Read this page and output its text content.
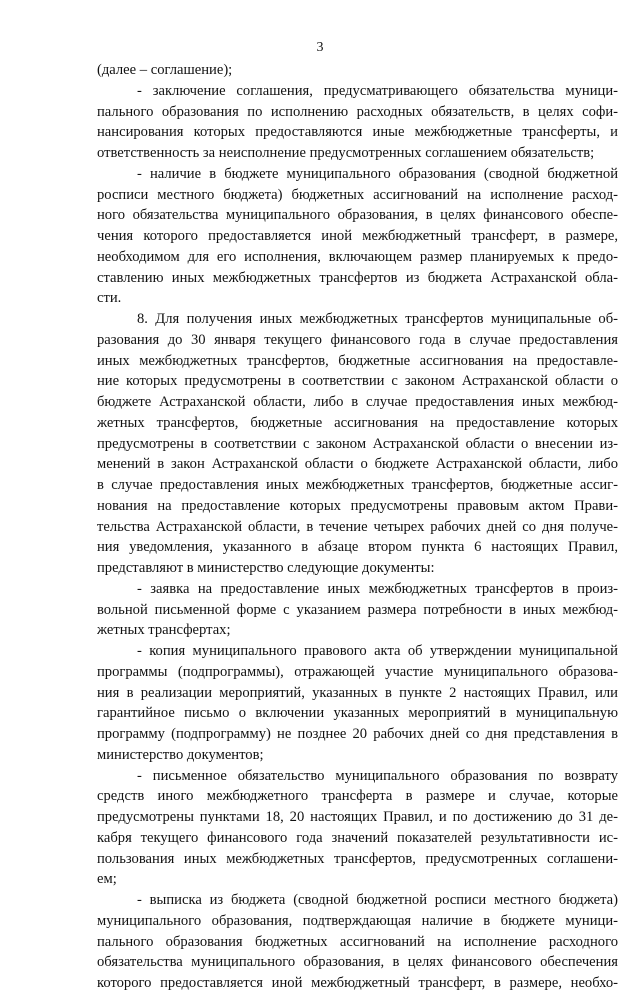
3
(далее – соглашение);
- заключение соглашения, предусматривающего обязательства муници-
пального образования по исполнению расходных обязательств, в целях софи-
нансирования которых предоставляются иные межбюджетные трансферты, и
ответственность за неисполнение предусмотренных соглашением обязательств;
- наличие в бюджете муниципального образования (сводной бюджетной
росписи местного бюджета) бюджетных ассигнований на исполнение расход-
ного обязательства муниципального образования, в целях финансового обеспе-
чения которого предоставляется иной межбюджетный трансферт, в размере,
необходимом для его исполнения, включающем размер планируемых к предо-
ставлению иных межбюджетных трансфертов из бюджета Астраханской обла-
сти.
8. Для получения иных межбюджетных трансфертов муниципальные об-
разования до 30 января текущего финансового года в случае предоставления
иных межбюджетных трансфертов, бюджетные ассигнования на предоставле-
ние которых предусмотрены в соответствии с законом Астраханской области о
бюджете Астраханской области, либо в случае предоставления иных межбюд-
жетных трансфертов, бюджетные ассигнования на предоставление которых
предусмотрены в соответствии с законом Астраханской области о внесении из-
менений в закон Астраханской области о бюджете Астраханской области, либо
в случае предоставления иных межбюджетных трансфертов, бюджетные ассиг-
нования на предоставление которых предусмотрены правовым актом Прави-
тельства Астраханской области, в течение четырех рабочих дней со дня получе-
ния уведомления, указанного в абзаце втором пункта 6 настоящих Правил,
представляют в министерство следующие документы:
- заявка на предоставление иных межбюджетных трансфертов в произ-
вольной письменной форме с указанием размера потребности в иных межбюд-
жетных трансфертах;
- копия муниципального правового акта об утверждении муниципальной
программы (подпрограммы), отражающей участие муниципального образова-
ния в реализации мероприятий, указанных в пункте 2 настоящих Правил, или
гарантийное письмо о включении указанных мероприятий в муниципальную
программу (подпрограмму) не позднее 20 рабочих дней со дня представления в
министерство документов;
- письменное обязательство муниципального образования по возврату
средств иного межбюджетного трансферта в размере и случае, которые
предусмотрены пунктами 18, 20 настоящих Правил, и по достижению до 31 де-
кабря текущего финансового года значений показателей результативности ис-
пользования иных межбюджетных трансфертов, предусмотренных соглашени-
ем;
- выписка из бюджета (сводной бюджетной росписи местного бюджета)
муниципального образования, подтверждающая наличие в бюджете муници-
пального образования бюджетных ассигнований на исполнение расходного
обязательства муниципального образования, в целях финансового обеспечения
которого предоставляется иной межбюджетный трансферт, в размере, необхо-
